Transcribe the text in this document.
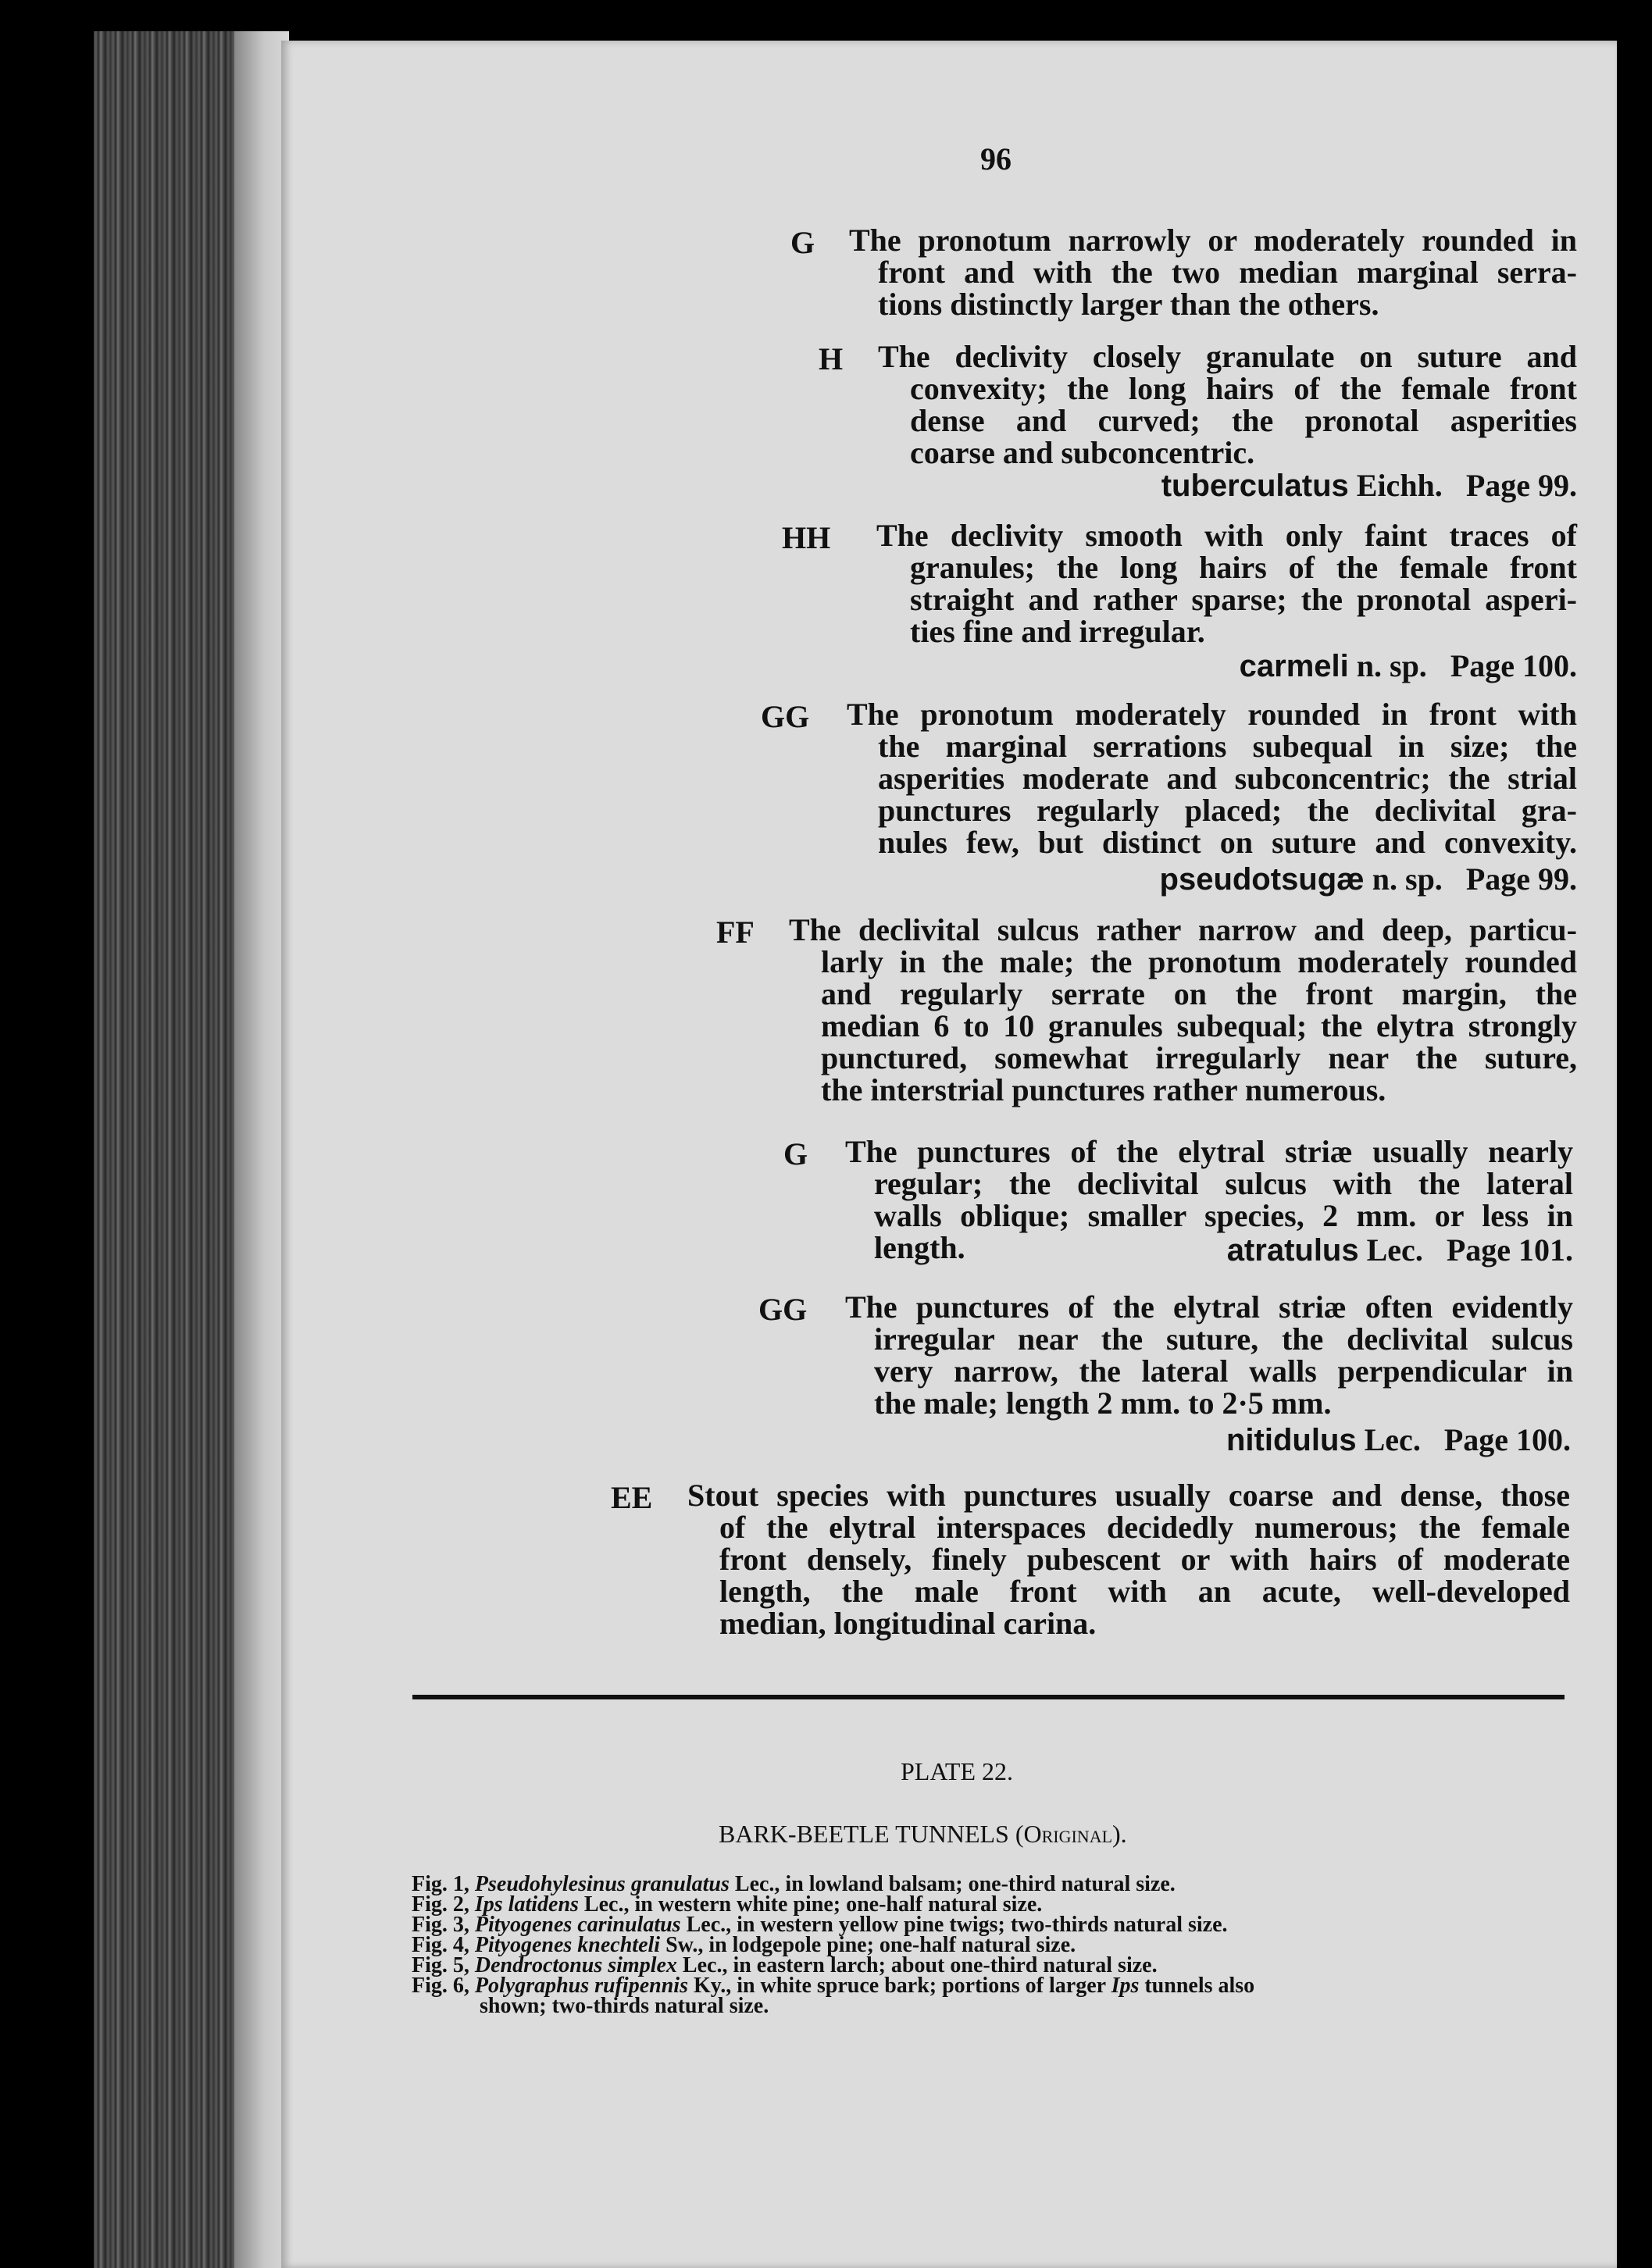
96
G The pronotum narrowly or moderately rounded in
front and with the two median marginal serra-
tions distinctly larger than the others.
H The declivity closely granulate on suture and
convexity; the long hairs of the female front
dense and curved; the pronotal asperities
coarse and subconcentric.
tuberculatus Eichh. Page 99.
HH The declivity smooth with only faint traces of
granules; the long hairs of the female front
straight and rather sparse; the pronotal asperi-
ties fine and irregular.
carmeli n. sp. Page 100.
GG The pronotum moderately rounded in front with
the marginal serrations subequal in size; the
asperities moderate and subconcentric; the strial
punctures regularly placed; the declivital gra-
nules few, but distinct on suture and convexity.
pseudotsugæ n. sp. Page 99.
FF The declivital sulcus rather narrow and deep, particu-
larly in the male; the pronotum moderately rounded
and regularly serrate on the front margin, the
median 6 to 10 granules subequal; the elytra strongly
punctured, somewhat irregularly near the suture,
the interstrial punctures rather numerous.
G The punctures of the elytral striæ usually nearly
regular; the declivital sulcus with the lateral
walls oblique; smaller species, 2 mm. or less in
length.	atratulus Lec. Page 101.
GG The punctures of the elytral striæ often evidently
irregular near the suture, the declivital sulcus
very narrow, the lateral walls perpendicular in
the male; length 2 mm. to 2·5 mm.
nitidulus Lec. Page 100.
EE Stout species with punctures usually coarse and dense, those
of the elytral interspaces decidedly numerous; the female
front densely, finely pubescent or with hairs of moderate
length, the male front with an acute, well-developed
median, longitudinal carina.
PLATE 22.
BARK-BEETLE TUNNELS (Original).
Fig. 1, Pseudohylesinus granulatus Lec., in lowland balsam; one-third natural size.
Fig. 2, Ips latidens Lec., in western white pine; one-half natural size.
Fig. 3, Pityogenes carinulatus Lec., in western yellow pine twigs; two-thirds natural size.
Fig. 4, Pityogenes knechteli Sw., in lodgepole pine; one-half natural size.
Fig. 5, Dendroctonus simplex Lec., in eastern larch; about one-third natural size.
Fig. 6, Polygraphus rufipennis Ky., in white spruce bark; portions of larger Ips tunnels also
shown; two-thirds natural size.
